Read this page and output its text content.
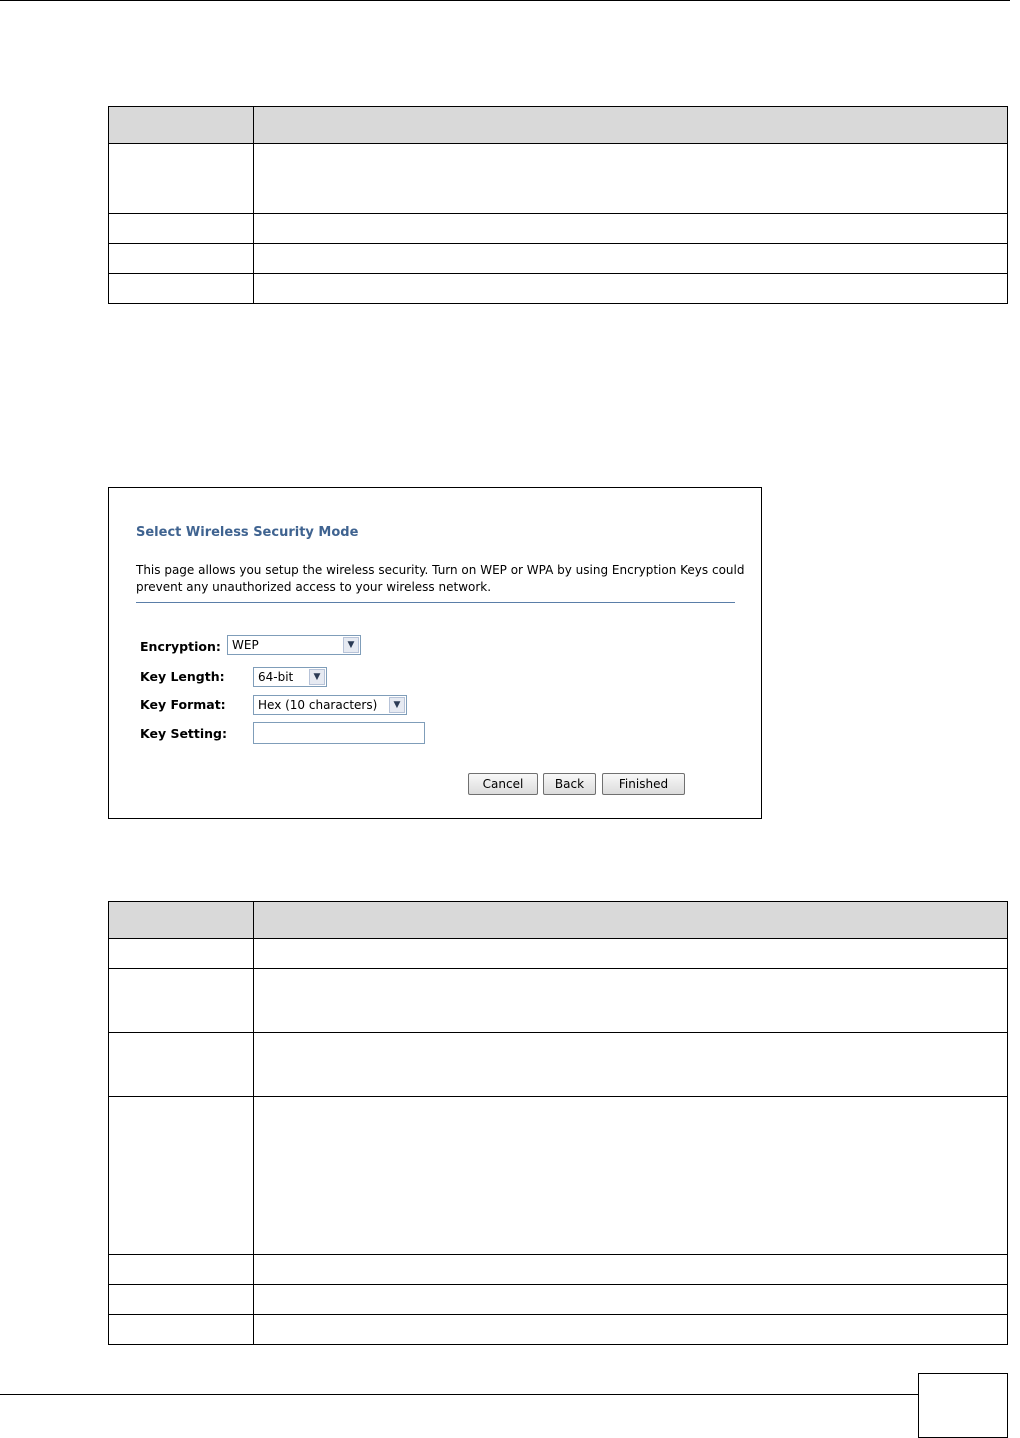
Select Wireless Security Mode
This page allows you setup the wireless security. Turn on WEP or WPA by using Encryption Keys could prevent any unauthorized access to your wireless network.
Encryption: WEP	▼
Key Length:	64-bit	▼
Key Format:	Hex (10 characters)	▼
Key Setting:
Cancel	Back	Finished
